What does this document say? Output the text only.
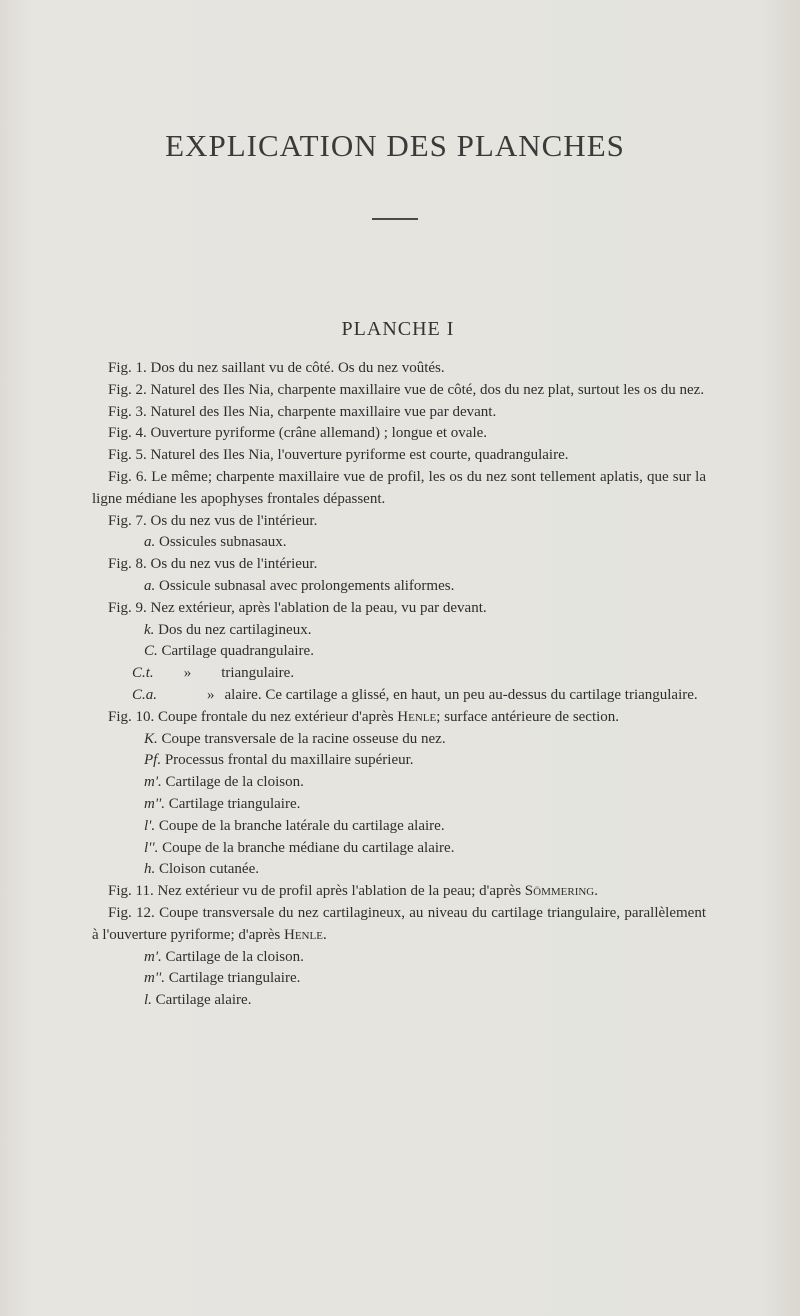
EXPLICATION DES PLANCHES
PLANCHE I

Fig. 1. Dos du nez saillant vu de côté. Os du nez voûtés.

Fig. 2. Naturel des Iles Nia, charpente maxillaire vue de côté, dos du nez plat, surtout les os du nez.

Fig. 3. Naturel des Iles Nia, charpente maxillaire vue par devant.

Fig. 4. Ouverture pyriforme (crâne allemand) ; longue et ovale.

Fig. 5. Naturel des Iles Nia, l'ouverture pyriforme est courte, quadrangulaire.

Fig. 6. Le même; charpente maxillaire vue de profil, les os du nez sont tellement aplatis, que sur la ligne médiane les apophyses frontales dépassent.

Fig. 7. Os du nez vus de l'intérieur.

a. Ossicules subnasaux.

Fig. 8. Os du nez vus de l'intérieur.

a. Ossicule subnasal avec prolongements aliformes.

Fig. 9. Nez extérieur, après l'ablation de la peau, vu par devant.

k. Dos du nez cartilagineux.

C. Cartilage quadrangulaire.

C.t. » triangulaire.

C.a.	» alaire. Ce cartilage a glissé, en haut, un peu au-dessus du cartilage triangulaire.

Fig. 10. Coupe frontale du nez extérieur d'après Henle; surface antérieure de section.

K. Coupe transversale de la racine osseuse du nez.

Pf. Processus frontal du maxillaire supérieur.

m'. Cartilage de la cloison.

m''. Cartilage triangulaire.

l'. Coupe de la branche latérale du cartilage alaire.

l''. Coupe de la branche médiane du cartilage alaire.

h. Cloison cutanée.

Fig. 11. Nez extérieur vu de profil après l'ablation de la peau; d'après Sömmering.

Fig. 12. Coupe transversale du nez cartilagineux, au niveau du cartilage triangulaire, parallèlement à l'ouverture pyriforme; d'après Henle.

m'. Cartilage de la cloison.

m''. Cartilage triangulaire.

l. Cartilage alaire.
